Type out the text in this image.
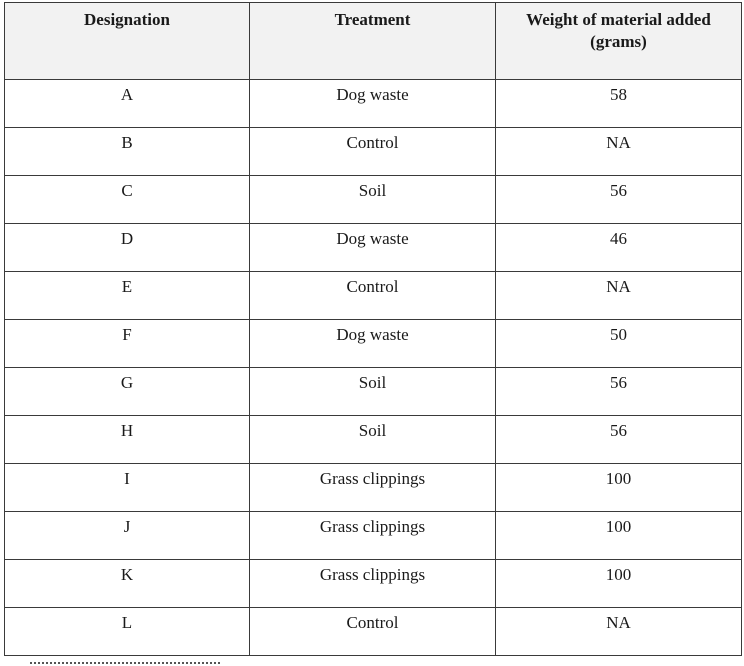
Designation	Treatment	Weight of material added (grams)
A	Dog waste	58
B	Control	NA
C	Soil	56
D	Dog waste	46
E	Control	NA
F	Dog waste	50
G	Soil	56
H	Soil	56
I	Grass clippings	100
J	Grass clippings	100
K	Grass clippings	100
L	Control	NA
